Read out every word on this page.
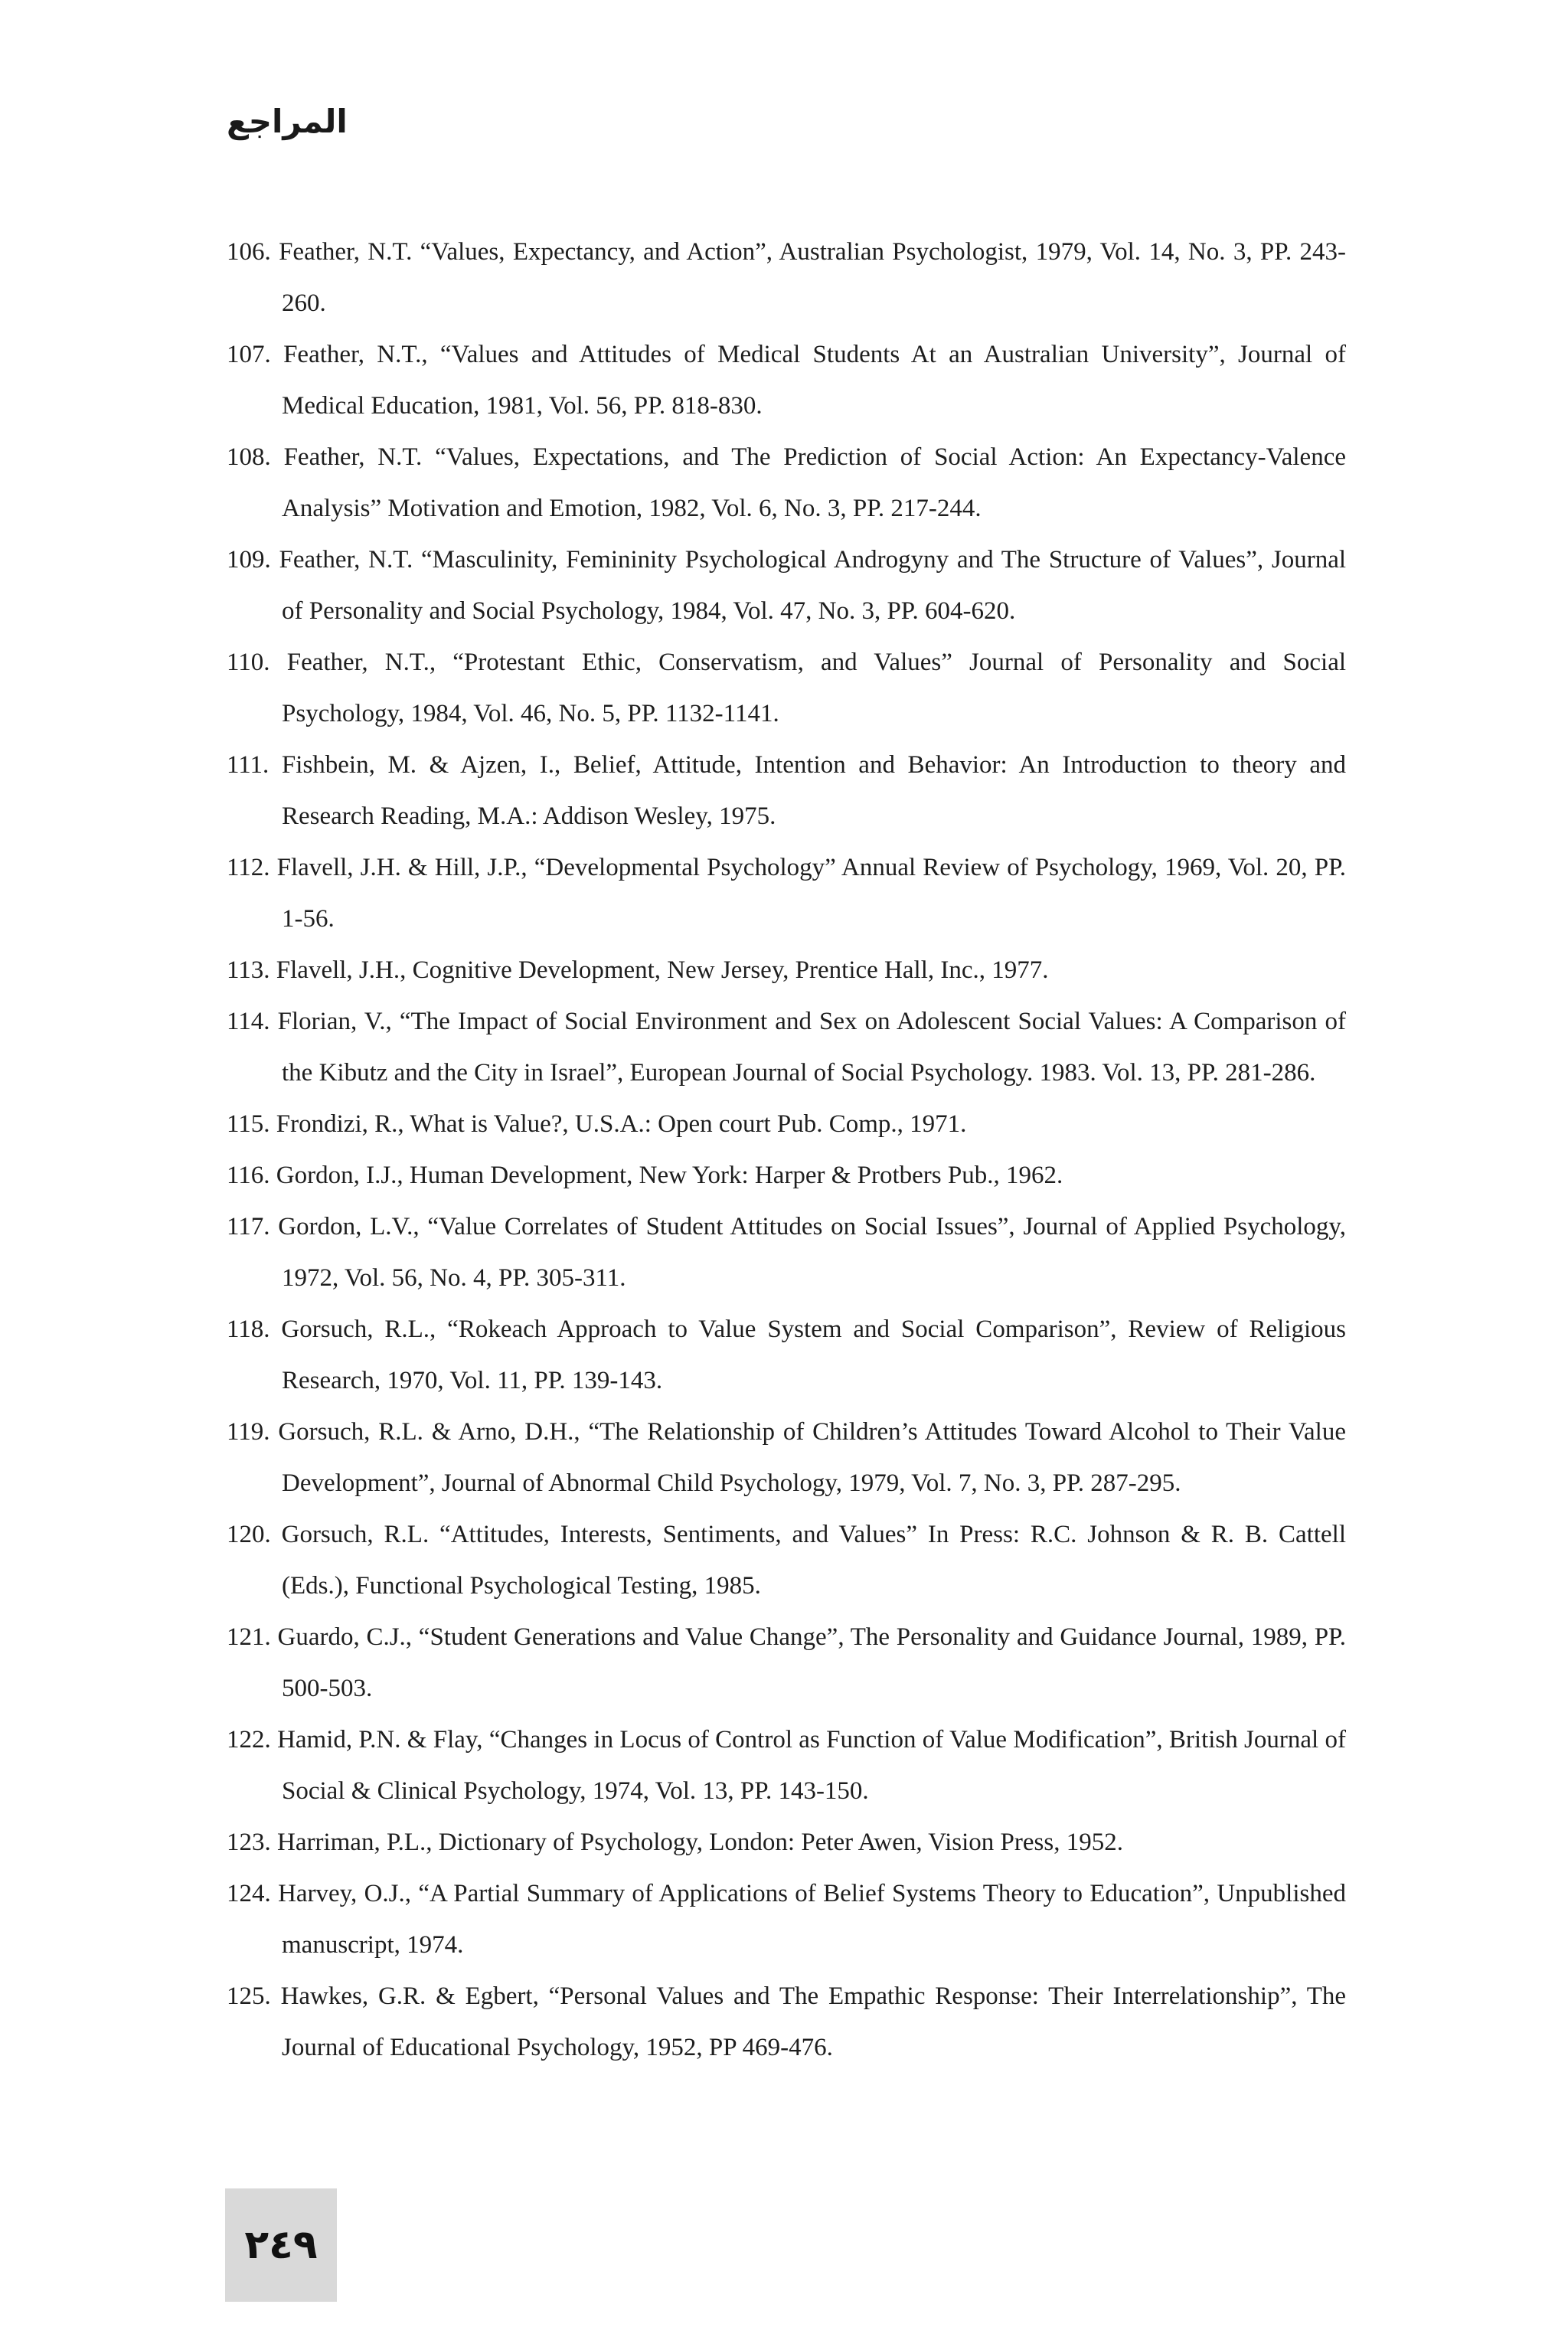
المراجع
106. Feather, N.T. “Values, Expectancy, and Action”, Australian Psychologist, 1979, Vol. 14, No. 3, PP. 243-260.
107. Feather, N.T., “Values and Attitudes of Medical Students At an Australian University”, Journal of Medical Education, 1981, Vol. 56, PP. 818-830.
108. Feather, N.T. “Values, Expectations, and The Prediction of Social Action: An Expectancy-Valence Analysis” Motivation and Emotion, 1982, Vol. 6, No. 3, PP. 217-244.
109. Feather, N.T. “Masculinity, Femininity Psychological Androgyny and The Structure of Values”, Journal of Personality and Social Psychology, 1984, Vol. 47, No. 3, PP. 604-620.
110. Feather, N.T., “Protestant Ethic, Conservatism, and Values” Journal of Personality and Social Psychology, 1984, Vol. 46, No. 5, PP. 1132-1141.
111. Fishbein, M. & Ajzen, I., Belief, Attitude, Intention and Behavior: An Introduction to theory and Research Reading, M.A.: Addison Wesley, 1975.
112. Flavell, J.H. & Hill, J.P., “Developmental Psychology” Annual Review of Psychology, 1969, Vol. 20, PP. 1-56.
113. Flavell, J.H., Cognitive Development, New Jersey, Prentice Hall, Inc., 1977.
114. Florian, V., “The Impact of Social Environment and Sex on Adolescent Social Values: A Comparison of the Kibutz and the City in Israel”, European Journal of Social Psychology. 1983. Vol. 13, PP. 281-286.
115. Frondizi, R., What is Value?, U.S.A.: Open court Pub. Comp., 1971.
116. Gordon, I.J., Human Development, New York: Harper & Protbers Pub., 1962.
117. Gordon, L.V., “Value Correlates of Student Attitudes on Social Issues”, Journal of Applied Psychology, 1972, Vol. 56, No. 4, PP. 305-311.
118. Gorsuch, R.L., “Rokeach Approach to Value System and Social Comparison”, Review of Religious Research, 1970, Vol. 11, PP. 139-143.
119. Gorsuch, R.L. & Arno, D.H., “The Relationship of Children’s Attitudes Toward Alcohol to Their Value Development”, Journal of Abnormal Child Psychology, 1979, Vol. 7, No. 3, PP. 287-295.
120. Gorsuch, R.L. “Attitudes, Interests, Sentiments, and Values” In Press: R.C. Johnson & R. B. Cattell (Eds.), Functional Psychological Testing, 1985.
121. Guardo, C.J., “Student Generations and Value Change”, The Personality and Guidance Journal, 1989, PP. 500-503.
122. Hamid, P.N. & Flay, “Changes in Locus of Control as Function of Value Modification”, British Journal of Social & Clinical Psychology, 1974, Vol. 13, PP. 143-150.
123. Harriman, P.L., Dictionary of Psychology, London: Peter Awen, Vision Press, 1952.
124. Harvey, O.J., “A Partial Summary of Applications of Belief Systems Theory to Education”, Unpublished manuscript, 1974.
125. Hawkes, G.R. & Egbert, “Personal Values and The Empathic Response: Their Interrelationship”, The Journal of Educational Psychology, 1952, PP 469-476.
٢٤٩
